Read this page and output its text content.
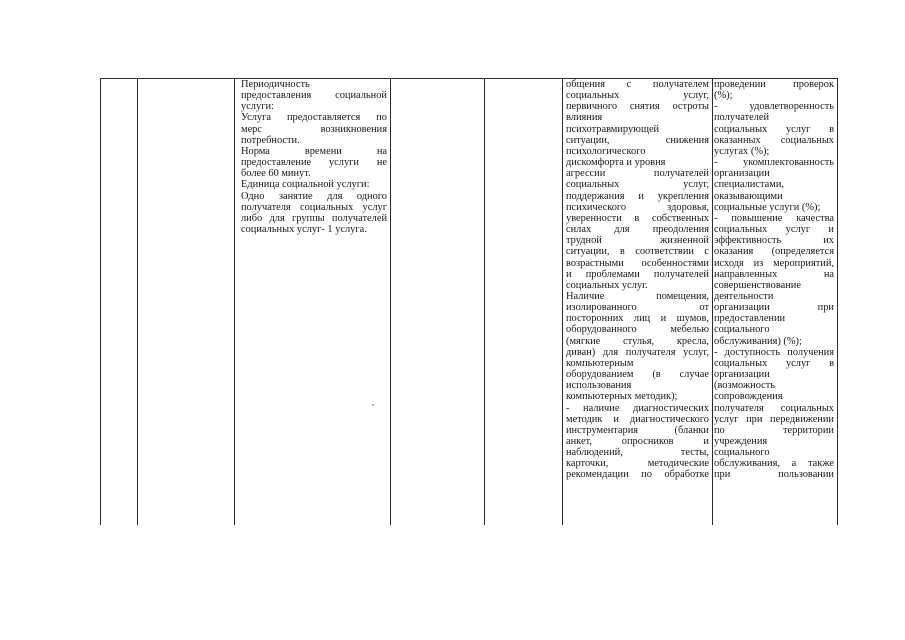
Периодичность

предоставления социальной

услуги:

Услуга предоставляется по

мерс возникновения

потребности.

Норма времени на

предоставление услуги не

более 60 минут.

Единица социальной услуги:

Одно занятие для одного

получателя социальных услуг

либо для группы получателей

социальных услуг- 1 услуга.

общения с получателем

социальных услуг,

первичного снятия остроты

влияния

психотравмирующей

ситуации, снижения

психологического

дискомфорта и уровня

агрессии получателей

социальных услуг,

поддержания и укрепления

психического здоровья,

уверенности в собственных

силах для преодоления

трудной жизненной

ситуации, в соответствии с

возрастными особенностями

и проблемами получателей

социальных услуг.

Наличие помещения,

изолированного от

посторонних лиц и шумов,

оборудованного мебелью

(мягкие стулья, кресла,

диван) для получателя услуг,

компьютерным

оборудованием (в случае

использования

компьютерных методик);

- наличие диагностических

методик и диагностического

инструментария (бланки

анкет, опросников и

наблюдений, тесты,

карточки, методические

рекомендации по обработке

проведении проверок

(%);

- удовлетворенность

получателей

социальных услуг в

оказанных социальных

услугах (%);

- укомплектованность

организации

специалистами,

оказывающими

социальные услуги (%);

- повышение качества

социальных услуг и

эффективность их

оказания (определяется

исходя из мероприятий,

направленных на

совершенствование

деятельности

организации при

предоставлении

социального

обслуживания) (%);

- доступность получения

социальных услуг в

организации

(возможность

сопровождения

получателя социальных

услуг при передвижении

по территории

учреждения

социального

обслуживания, а также

при пользовании
